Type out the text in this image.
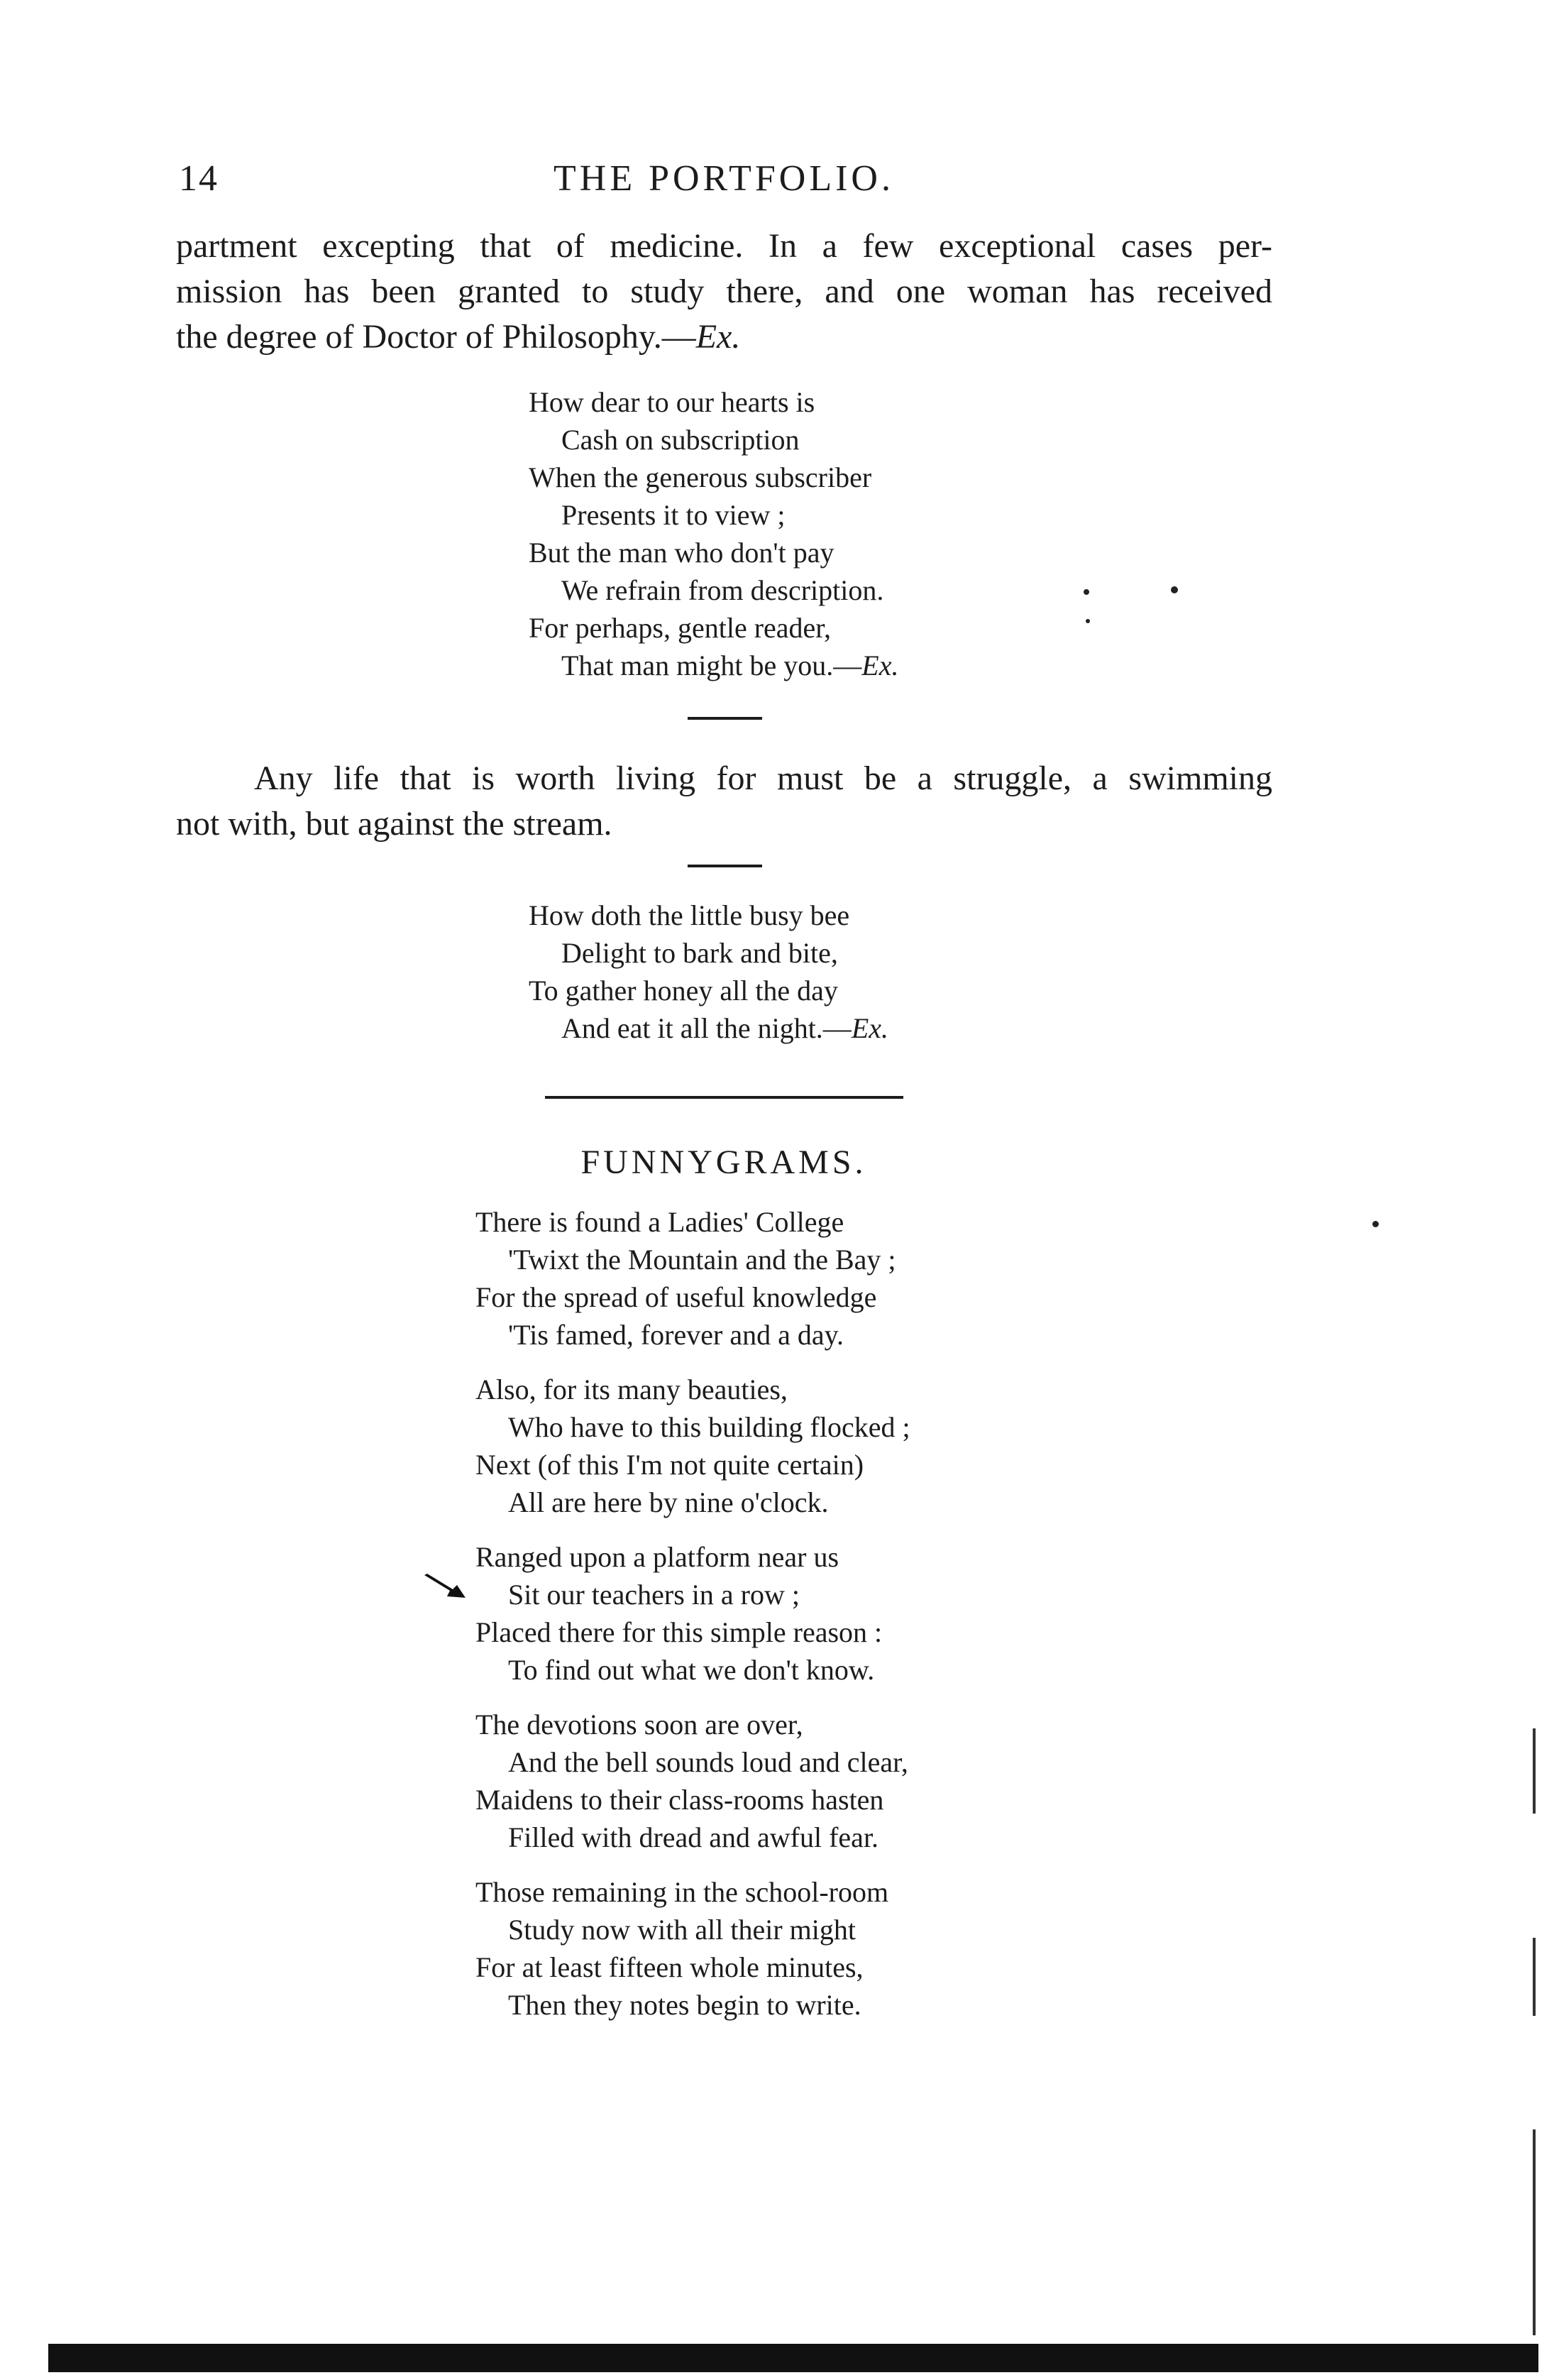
14	THE PORTFOLIO.

partment excepting that of medicine. In a few exceptional cases per-
mission has been granted to study there, and one woman has received
the degree of Doctor of Philosophy.—Ex.

How dear to our hearts is
Cash on subscription
When the generous subscriber
Presents it to view ;
But the man who don't pay
We refrain from description.
For perhaps, gentle reader,
That man might be you.—Ex.

Any life that is worth living for must be a struggle, a swimming
not with, but against the stream.

How doth the little busy bee
Delight to bark and bite,
To gather honey all the day
And eat it all the night.—Ex.
FUNNYGRAMS.
There is found a Ladies' College
'Twixt the Mountain and the Bay ;
For the spread of useful knowledge
'Tis famed, forever and a day.
Also, for its many beauties,
Who have to this building flocked ;
Next (of this I'm not quite certain)
All are here by nine o'clock.
Ranged upon a platform near us
Sit our teachers in a row ;
Placed there for this simple reason :
To find out what we don't know.
The devotions soon are over,
And the bell sounds loud and clear,
Maidens to their class-rooms hasten
Filled with dread and awful fear.
Those remaining in the school-room
Study now with all their might
For at least fifteen whole minutes,
Then they notes begin to write.
